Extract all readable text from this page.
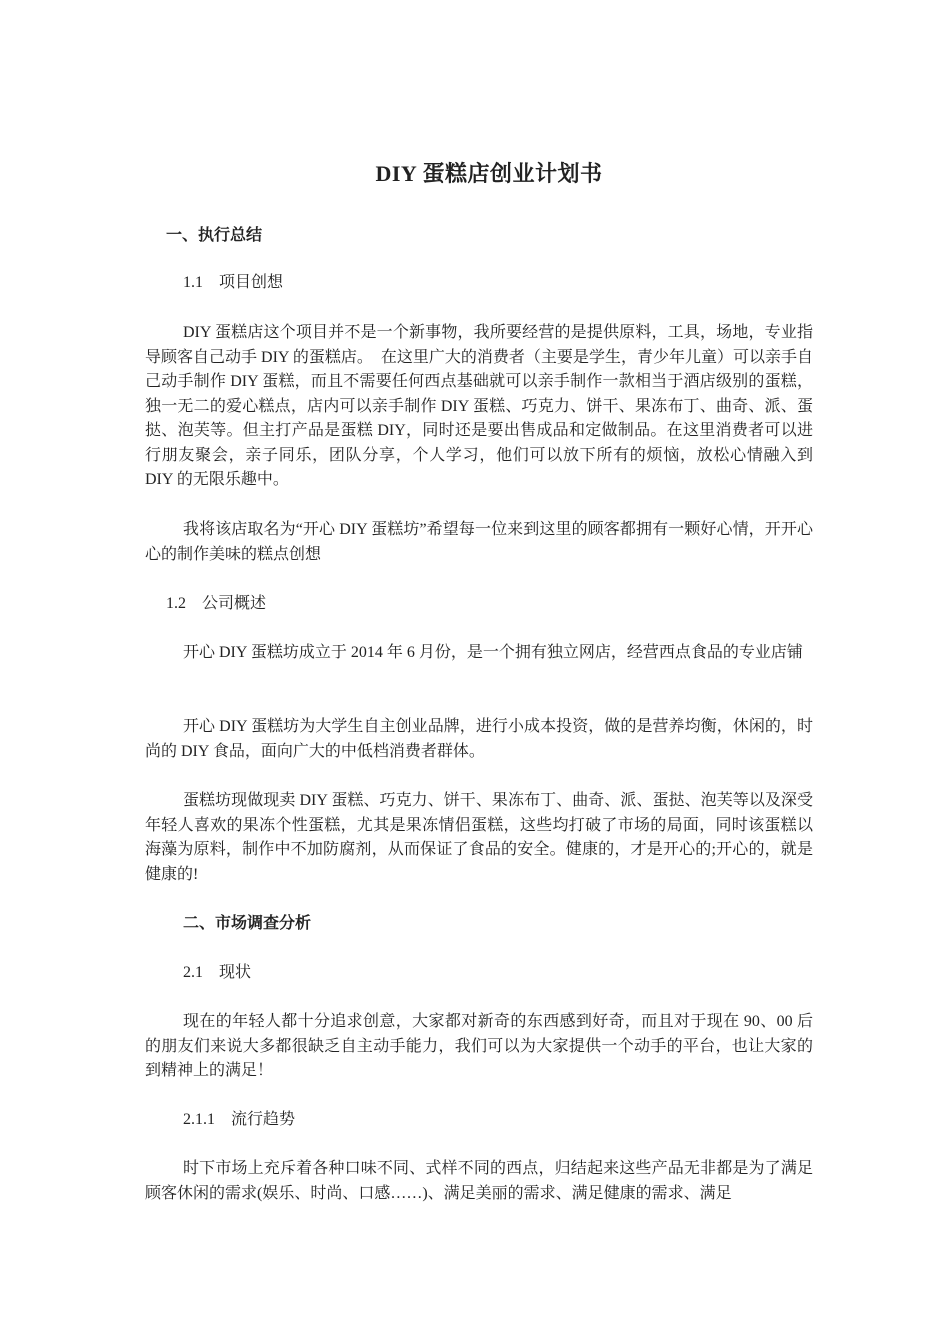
DIY 蛋糕店创业计划书

一、执行总结

1.1　项目创想

DIY 蛋糕店这个项目并不是一个新事物，我所要经营的是提供原料，工具，场地，专业指导顾客自己动手 DIY 的蛋糕店。　在这里广大的消费者（主要是学生，青少年儿童）可以亲手自己动手制作 DIY 蛋糕，而且不需要任何西点基础就可以亲手制作一款相当于酒店级别的蛋糕，独一无二的爱心糕点，店内可以亲手制作 DIY 蛋糕、巧克力、饼干、果冻布丁、曲奇、派、蛋挞、泡芙等。但主打产品是蛋糕 DIY，同时还是要出售成品和定做制品。在这里消费者可以进行朋友聚会，亲子同乐，团队分享，个人学习，他们可以放下所有的烦恼，放松心情融入到 DIY 的无限乐趣中。

我将该店取名为“开心 DIY 蛋糕坊”希望每一位来到这里的顾客都拥有一颗好心情，开开心心的制作美味的糕点创想

1.2　公司概述

开心 DIY 蛋糕坊成立于 2014 年 6 月份，是一个拥有独立网店，经营西点食品的专业店铺

开心 DIY 蛋糕坊为大学生自主创业品牌，进行小成本投资，做的是营养均衡，休闲的，时尚的 DIY 食品，面向广大的中低档消费者群体。

蛋糕坊现做现卖 DIY 蛋糕、巧克力、饼干、果冻布丁、曲奇、派、蛋挞、泡芙等以及深受年轻人喜欢的果冻个性蛋糕，尤其是果冻情侣蛋糕，这些均打破了市场的局面，同时该蛋糕以海藻为原料，制作中不加防腐剂，从而保证了食品的安全。健康的，才是开心的;开心的，就是健康的!

二、市场调查分析

2.1　现状

现在的年轻人都十分追求创意，大家都对新奇的东西感到好奇，而且对于现在 90、00 后的朋友们来说大多都很缺乏自主动手能力，我们可以为大家提供一个动手的平台，也让大家的到精神上的满足！

2.1.1　流行趋势

时下市场上充斥着各种口味不同、式样不同的西点，归结起来这些产品无非都是为了满足顾客休闲的需求(娱乐、时尚、口感……)、满足美丽的需求、满足健康的需求、满足
